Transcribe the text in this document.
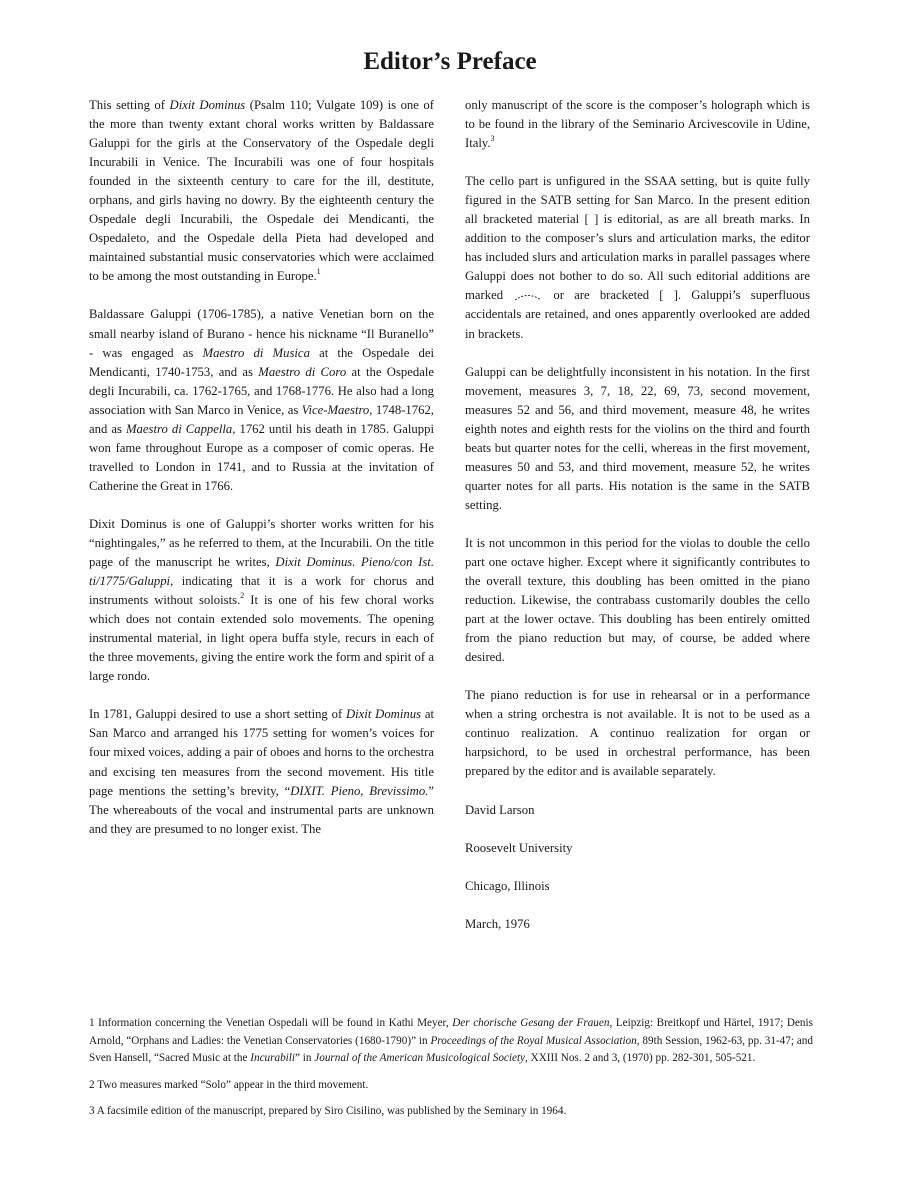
Editor’s Preface

This setting of Dixit Dominus (Psalm 110; Vulgate 109) is one of the more than twenty extant choral works written by Baldassare Galuppi for the girls at the Conservatory of the Ospedale degli Incurabili in Venice. The Incurabili was one of four hospitals founded in the sixteenth century to care for the ill, destitute, orphans, and girls having no dowry. By the eighteenth century the Ospedale degli Incurabili, the Ospedale dei Mendicanti, the Ospedaleto, and the Ospedale della Pieta had developed and maintained substantial music conservatories which were acclaimed to be among the most outstanding in Europe.$^1$

Baldassare Galuppi (1706-1785), a native Venetian born on the small nearby island of Burano - hence his nickname “Il Buranello” - was engaged as Maestro di Musica at the Ospedale dei Mendicanti, 1740-1753, and as Maestro di Coro at the Ospedale degli Incurabili, ca. 1762-1765, and 1768-1776. He also had a long association with San Marco in Venice, as Vice-Maestro, 1748-1762, and as Maestro di Cappella, 1762 until his death in 1785. Galuppi won fame throughout Europe as a composer of comic operas. He travelled to London in 1741, and to Russia at the invitation of Catherine the Great in 1766.

Dixit Dominus is one of Galuppi’s shorter works written for his “nightingales,” as he referred to them, at the Incurabili. On the title page of the manuscript he writes, Dixit Dominus. Pieno/con Ist. ti/1775/Galuppi, indicating that it is a work for chorus and instruments without soloists.$^2$ It is one of his few choral works which does not contain extended solo movements. The opening instrumental material, in light opera buffa style, recurs in each of the three movements, giving the entire work the form and spirit of a large rondo.

In 1781, Galuppi desired to use a short setting of Dixit Dominus at San Marco and arranged his 1775 setting for women’s voices for four mixed voices, adding a pair of oboes and horns to the orchestra and excising ten measures from the second movement. His title page mentions the setting’s brevity, “DIXIT. Pieno, Brevissimo.” The whereabouts of the vocal and instrumental parts are unknown and they are presumed to no longer exist. The

only manuscript of the score is the composer’s holograph which is to be found in the library of the Seminario Arcivescovile in Udine, Italy.$^3$

The cello part is unfigured in the SSAA setting, but is quite fully figured in the SATB setting for San Marco. In the present edition all bracketed material [ ] is editorial, as are all breath marks. In addition to the composer’s slurs and articulation marks, the editor has included slurs and articulation marks in parallel passages where Galuppi does not bother to do so. All such editorial additions are marked	or are bracketed [ ]. Galuppi’s superfluous accidentals are retained, and ones apparently overlooked are added in brackets.

Galuppi can be delightfully inconsistent in his notation. In the first movement, measures 3, 7, 18, 22, 69, 73, second movement, measures 52 and 56, and third movement, measure 48, he writes eighth notes and eighth rests for the violins on the third and fourth beats but quarter notes for the celli, whereas in the first movement, measures 50 and 53, and third movement, measure 52, he writes quarter notes for all parts. His notation is the same in the SATB setting.

It is not uncommon in this period for the violas to double the cello part one octave higher. Except where it significantly contributes to the overall texture, this doubling has been omitted in the piano reduction. Likewise, the contrabass customarily doubles the cello part at the lower octave. This doubling has been entirely omitted from the piano reduction but may, of course, be added where desired.

The piano reduction is for use in rehearsal or in a performance when a string orchestra is not available. It is not to be used as a continuo realization. A continuo realization for organ or harpsichord, to be used in orchestral performance, has been prepared by the editor and is available separately.

David Larson

Roosevelt University

Chicago, Illinois

March, 1976

1 Information concerning the Venetian Ospedali will be found in Kathi Meyer, Der chorische Gesang der Frauen, Leipzig: Breitkopf und Härtel, 1917; Denis Arnold, “Orphans and Ladies: the Venetian Conservatories (1680-1790)” in Proceedings of the Royal Musical Association, 89th Session, 1962-63, pp. 31-47; and Sven Hansell, “Sacred Music at the Incurabili” in Journal of the American Musicological Society, XXIII Nos. 2 and 3, (1970) pp. 282-301, 505-521.

2 Two measures marked “Solo” appear in the third movement.

3 A facsimile edition of the manuscript, prepared by Siro Cisilino, was published by the Seminary in 1964.
